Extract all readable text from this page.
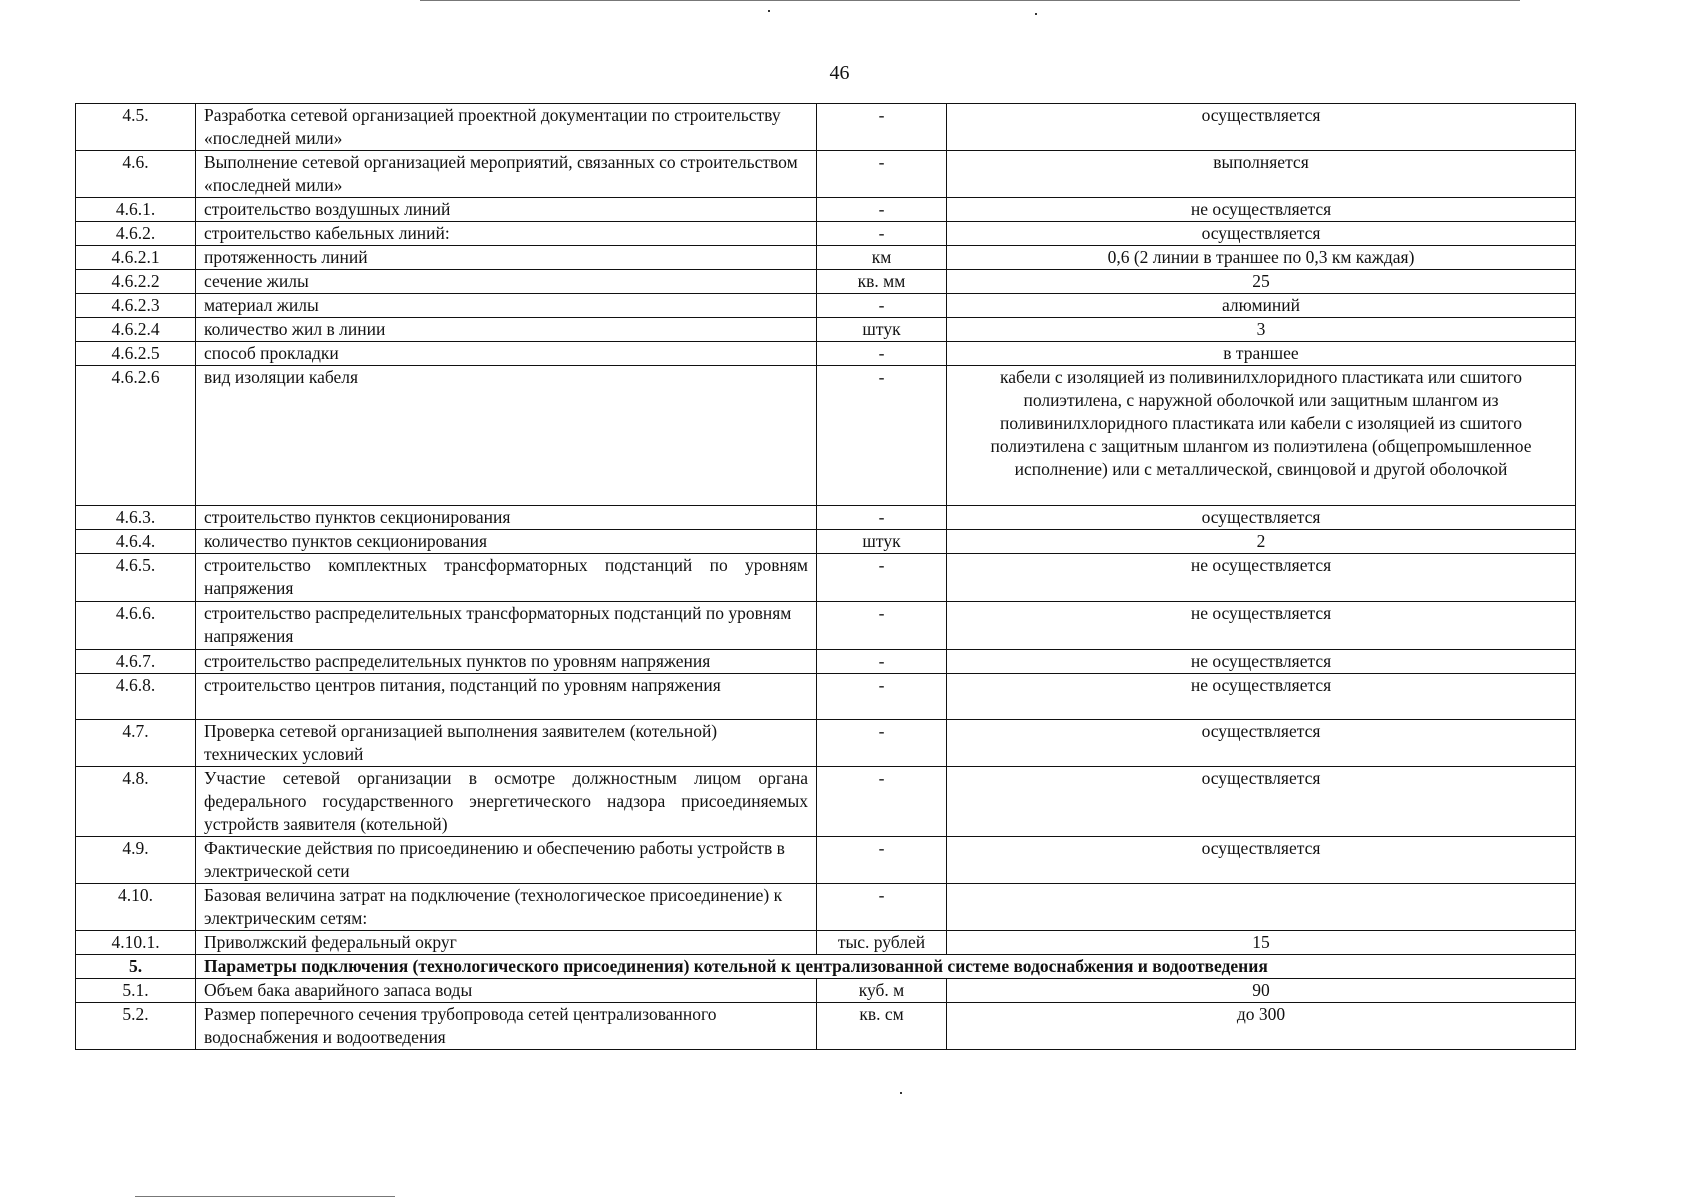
46
4.5.	Разработка сетевой организацией проектной документации по строительству «последней мили»	-	осуществляется
4.6.	Выполнение сетевой организацией мероприятий, связанных со строительством «последней мили»	-	выполняется
4.6.1.	строительство воздушных линий	-	не осуществляется
4.6.2.	строительство кабельных линий:	-	осуществляется
4.6.2.1	протяженность линий	км	0,6 (2 линии в траншее по 0,3 км каждая)
4.6.2.2	сечение жилы	кв. мм	25
4.6.2.3	материал жилы	-	алюминий
4.6.2.4	количество жил в линии	штук	3
4.6.2.5	способ прокладки	-	в траншее
4.6.2.6	вид изоляции кабеля	-	кабели с изоляцией из поливинилхлоридного пластиката или сшитого полиэтилена, с наружной оболочкой или защитным шлангом из поливинилхлоридного пластиката или кабели с изоляцией из сшитого полиэтилена с защитным шлангом из полиэтилена (общепромышленное исполнение) или с металлической, свинцовой и другой оболочкой
4.6.3.	строительство пунктов секционирования	-	осуществляется
4.6.4.	количество пунктов секционирования	штук	2
4.6.5.	строительство комплектных трансформаторных подстанций по уровням напряжения	-	не осуществляется
4.6.6.	строительство распределительных трансформаторных подстанций по уровням напряжения	-	не осуществляется
4.6.7.	строительство распределительных пунктов по уровням напряжения	-	не осуществляется
4.6.8.	строительство центров питания, подстанций по уровням напряжения	-	не осуществляется
4.7.	Проверка сетевой организацией выполнения заявителем (котельной) технических условий	-	осуществляется
4.8.	Участие сетевой организации в осмотре должностным лицом органа федерального государственного энергетического надзора присоединяемых устройств заявителя (котельной)	-	осуществляется
4.9.	Фактические действия по присоединению и обеспечению работы устройств в электрической сети	-	осуществляется
4.10.	Базовая величина затрат на подключение (технологическое присоединение) к электрическим сетям:	-	
4.10.1.	Приволжский федеральный округ	тыс. рублей	15
5.	Параметры подключения (технологического присоединения) котельной к централизованной системе водоснабжения и водоотведения		
5.1.	Объем бака аварийного запаса воды	куб. м	90
5.2.	Размер поперечного сечения трубопровода сетей централизованного водоснабжения и водоотведения	кв. см	до 300
